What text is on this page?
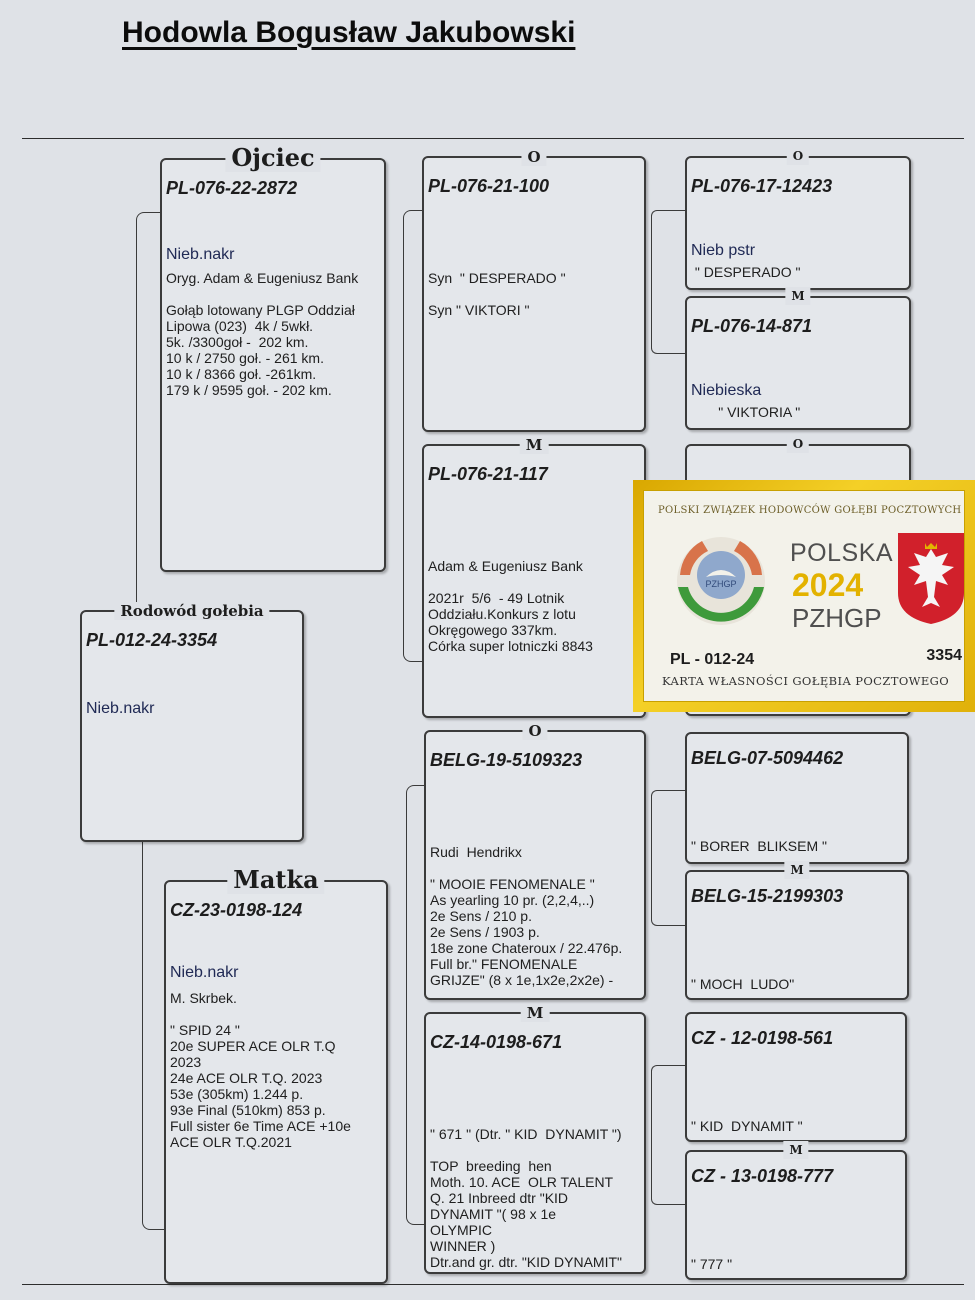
Hodowla Bogusław Jakubowski
Rodowód gołebia
PL-012-24-3354
Nieb.nakr
Ojciec
PL-076-22-2872
Nieb.nakr
Oryg. Adam & Eugeniusz Bank

Gołąb lotowany PLGP Oddział
Lipowa (023)  4k / 5wkł.
5k. /3300goł -  202 km.
10 k / 2750 goł. - 261 km.
10 k / 8366 goł. -261km.
179 k / 9595 goł. - 202 km.
Matka
CZ-23-0198-124
Nieb.nakr
M. Skrbek.

" SPID 24 "
20e SUPER ACE OLR T.Q
2023
24e ACE OLR T.Q. 2023
53e (305km) 1.244 p.
93e Final (510km) 853 p.
Full sister 6e Time ACE +10e
ACE OLR T.Q.2021
O
PL-076-21-100
Syn  " DESPERADO "

Syn " VIKTORI "
M
PL-076-21-117
Adam & Eugeniusz Bank

2021r  5/6  - 49 Lotnik
Oddziału.Konkurs z lotu
Okręgowego 337km.
Córka super lotniczki 8843
O
BELG-19-5109323
Rudi  Hendrikx

" MOOIE FENOMENALE "
As yearling 10 pr. (2,2,4,..)
2e Sens / 210 p.
2e Sens / 1903 p.
18e zone Chateroux / 22.476p.
Full br." FENOMENALE
GRIJZE" (8 x 1e,1x2e,2x2e) -
M
CZ-14-0198-671
" 671 " (Dtr. " KID  DYNAMIT ")

TOP  breeding  hen
Moth. 10. ACE  OLR TALENT
Q. 21 Inbreed dtr "KID
DYNAMIT "( 98 x 1e
OLYMPIC
WINNER )
Dtr.and gr. dtr. "KID DYNAMIT"
O
PL-076-17-12423
Nieb pstr
" DESPERADO "
M
PL-076-14-871
Niebieska
" VIKTORIA "
O
BELG-07-5094462
" BORER  BLIKSEM "
M
BELG-15-2199303
" MOCH  LUDO"
CZ - 12-0198-561
" KID  DYNAMIT "
M
CZ - 13-0198-777
" 777 "
POLSKI ZWIĄZEK HODOWCÓW GOŁĘBI POCZTOWYCH
PZHGP
POLSKA
2024
PZHGP
PL - 012-24	3354
KARTA WŁASNOŚCI GOŁĘBIA POCZTOWEGO
